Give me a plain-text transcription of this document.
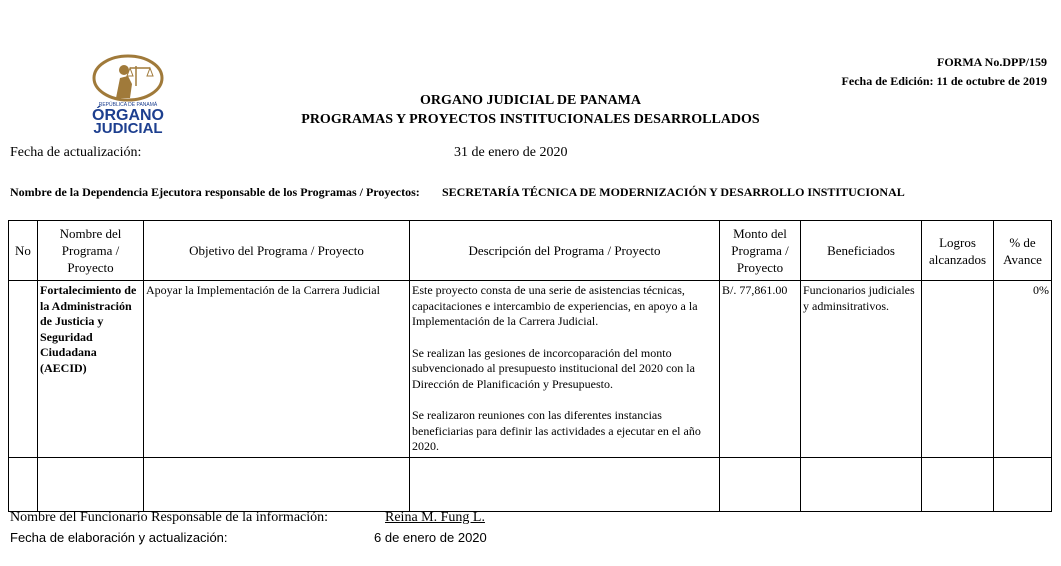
REPÚBLICA DE PANAMÁ
ÓRGANO
JUDICIAL
FORMA No.DPP/159
Fecha de Edición: 11 de octubre de 2019
ORGANO JUDICIAL DE PANAMA
PROGRAMAS Y PROYECTOS INSTITUCIONALES DESARROLLADOS
Fecha de actualización:	31 de enero de 2020
Nombre de la Dependencia Ejecutora responsable de los Programas / Proyectos: SECRETARÍA TÉCNICA DE MODERNIZACIÓN Y DESARROLLO INSTITUCIONAL
No	Nombre del Programa / Proyecto	Objetivo del Programa / Proyecto	Descripción del Programa / Proyecto	Monto del Programa / Proyecto	Beneficiados	Logros alcanzados	% de Avance
	Fortalecimiento de la Administración de Justicia y Seguridad Ciudadana (AECID)	Apoyar la Implementación de la Carrera Judicial	Este proyecto consta de una serie de asistencias técnicas, capacitaciones e intercambio de experiencias, en apoyo a la Implementación de la Carrera Judicial.

Se realizan las gesiones de incorcoparación del monto subvencionado al presupuesto institucional del 2020 con la Dirección de Planificación y Presupuesto.

Se realizaron reuniones con las diferentes instancias beneficiarias para definir las actividades a ejecutar en el año 2020.	B/. 77,861.00	Funcionarios judiciales y adminsitrativos.		0%

Nombre del Funcionario Responsable de la información:	Reina M. Fung L.
Fecha de elaboración y actualización:	6 de enero de 2020
